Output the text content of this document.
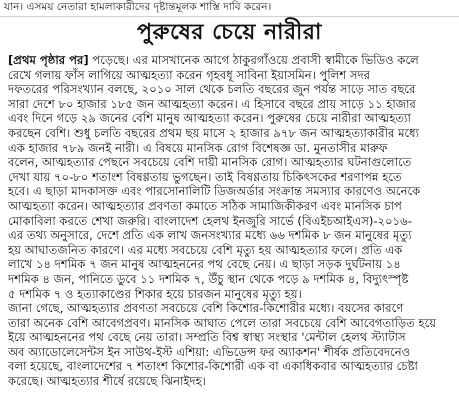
যান। এসময় নেতারা হামলাকারীদের দৃষ্টান্তমূলক শাস্তি দাবি করেন।
পুরুষের চেয়ে নারীরা

[প্রথম পৃষ্ঠার পর] পড়েছে। এর মাসখানেক আগে ঠাকুরগাঁওয়ে প্রবাসী স্বামীকে ভিডিও কলে
রেখে গলায় ফাঁস লাগিয়ে আত্মহত্যা করেন গৃহবধূ সাবিনা ইয়াসমিন। পুলিশ সদর
দফতরের পরিসংখ্যান বলছে, ২০১০ সাল থেকে চলতি বছরের জুন পর্যন্ত সাড়ে সাত বছরে
সারা দেশে ৮০ হাজার ১৮৫ জন আত্মহত্যা করেন। এ হিসাবে বছরে প্রায় সাড়ে ১১ হাজার
এবং দিনে গড়ে ২৯ জনের বেশি মানুষ আত্মহত্যা করেন। পুরুষের চেয়ে নারীরা আত্মহত্যা
করছেন বেশি। শুধু চলতি বছরের প্রথম ছয় মাসে ২ হাজার ৯৭৮ জন আত্মহত্যাকারীর মধ্যে
এক হাজার ৭৮৯ জনই নারী। এ বিষয়ে মানসিক রোগ বিশেষজ্ঞ ডা. মুনতাসীর মারুফ
বলেন, আত্মহত্যার পেছনে সবচেয়ে বেশি দায়ী মানসিক রোগ। আত্মহত্যার ঘটনাগুলোতে
দেখা যায় ৭০-৮০ শতাংশ বিষণ্ণতায় ভুগছেন। তাই বিষণ্ণতায় চিকিৎসকের শরণাপন্ন হতে
হবে। এ ছাড়া মাদকাসক্ত এবং পারসোনালিটি ডিজঅর্ডার সংক্রান্ত সমস্যার কারণেও অনেকে
আত্মহত্যা করেন। আত্মহত্যার প্রবণতা কমাতে সঠিক সামাজিকীকরণ এবং মানসিক চাপ
মোকাবিলা করতে শেখা জরুরি। বাংলাদেশ হেলথ ইনজুরি সার্ভে (বিএইচআইএস)-২০১৬-
এর তথ্য অনুসারে, দেশে প্রতি এক লাখ জনসংখ্যার মধ্যে ৬৬ দশমিক ৮ জন মানুষের মৃত্যু
হয় আঘাতজনিত কারণে। এর মধ্যে সবচেয়ে বেশি মৃত্যু হয় আত্মহত্যার ফলে। প্রতি এক
লাখে ১৪ দশমিক ৭ জন মানুষ আত্মহননের পথ বেছে নেয়। এ ছাড়া সড়ক দুর্ঘটনায় ১৪
দশমিক ৪ জন, পানিতে ডুবে ১১ দশমিক ৭, উঁচু স্থান থেকে পড়ে ৯ দশমিক ৪, বিদ্যুৎস্পৃষ্ট
৫ দশমিক ৭ ও হত্যাকাণ্ডের শিকার হয়ে চারজন মানুষের মৃত্যু হয়।
জানা গেছে, আত্মহত্যার প্রবণতা সবচেয়ে বেশি কিশোর-কিশোরীর মধ্যে। বয়সের কারণে
তারা অনেক বেশি আবেগপ্রবণ। মানসিক আঘাত পেলে তারা সবচেয়ে বেশি আবেগতাড়িত হয়ে
ইয়ে আত্মহননের পথ বেছে নেয় তারা। সম্প্রতি বিশ্ব স্বাস্থ্য সংস্থার 'মেন্টাল হেলথ স্ট্যাটাস
অব অ্যাডোলেসেন্টস ইন সাউথ-ইস্ট এশিয়া: এভিডেন্স ফর অ্যাকশন' শীর্ষক প্রতিবেদনেও
বলা হয়েছে, বাংলাদেশের ৭ শতাংশ কিশোর-কিশোরী এক বা একাধিকবার আত্মহত্যার চেষ্টা
করেছে। আত্মহত্যার শীর্ষে রয়েছে ঝিনাইদহ।
